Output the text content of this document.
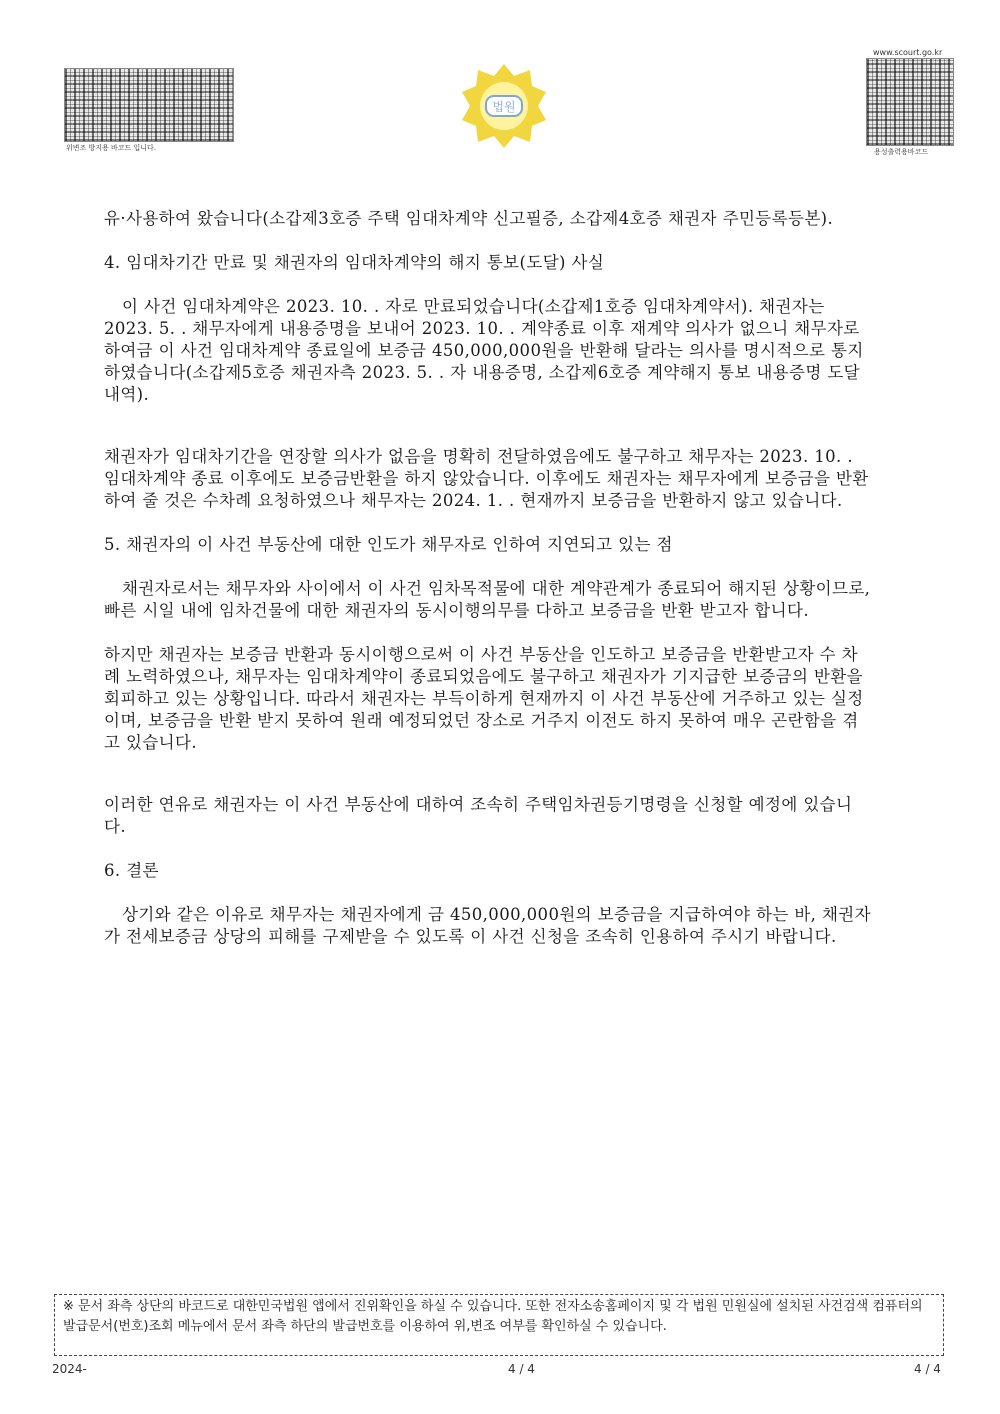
위변조 방지용 바코드 입니다.
법원
www.scourt.go.kr
용성출력용바코드

유·사용하여 왔습니다(소갑제3호증 주택 임대차계약 신고필증, 소갑제4호증 채권자 주민등록등본).

4. 임대차기간 만료 및 채권자의 임대차계약의 해지 통보(도달) 사실

이 사건 임대차계약은 2023. 10. . 자로 만료되었습니다(소갑제1호증 임대차계약서). 채권자는 2023. 5. . 채무자에게 내용증명을 보내어 2023. 10. . 계약종료 이후 재계약 의사가 없으니 채무자로 하여금 이 사건 임대차계약 종료일에 보증금 450,000,000원을 반환해 달라는 의사를 명시적으로 통지하였습니다(소갑제5호증 채권자측 2023. 5. . 자 내용증명, 소갑제6호증 계약해지 통보 내용증명 도달내역).

채권자가 임대차기간을 연장할 의사가 없음을 명확히 전달하였음에도 불구하고 채무자는 2023. 10. . 임대차계약 종료 이후에도 보증금반환을 하지 않았습니다. 이후에도 채권자는 채무자에게 보증금을 반환하여 줄 것은 수차례 요청하였으나 채무자는 2024. 1. . 현재까지 보증금을 반환하지 않고 있습니다.

5. 채권자의 이 사건 부동산에 대한 인도가 채무자로 인하여 지연되고 있는 점

채권자로서는 채무자와 사이에서 이 사건 임차목적물에 대한 계약관계가 종료되어 해지된 상황이므로, 빠른 시일 내에 임차건물에 대한 채권자의 동시이행의무를 다하고 보증금을 반환 받고자 합니다.

하지만 채권자는 보증금 반환과 동시이행으로써 이 사건 부동산을 인도하고 보증금을 반환받고자 수 차례 노력하였으나, 채무자는 임대차계약이 종료되었음에도 불구하고 채권자가 기지급한 보증금의 반환을 회피하고 있는 상황입니다. 따라서 채권자는 부득이하게 현재까지 이 사건 부동산에 거주하고 있는 실정이며, 보증금을 반환 받지 못하여 원래 예정되었던 장소로 거주지 이전도 하지 못하여 매우 곤란함을 겪고 있습니다.

이러한 연유로 채권자는 이 사건 부동산에 대하여 조속히 주택임차권등기명령을 신청할 예정에 있습니다.

6. 결론

상기와 같은 이유로 채무자는 채권자에게 금 450,000,000원의 보증금을 지급하여야 하는 바, 채권자가 전세보증금 상당의 피해를 구제받을 수 있도록 이 사건 신청을 조속히 인용하여 주시기 바랍니다.

※ 문서 좌측 상단의 바코드로 대한민국법원 앱에서 진위확인을 하실 수 있습니다. 또한 전자소송홈페이지 및 각 법원 민원실에 설치된 사건검색 컴퓨터의 발급문서(번호)조회 메뉴에서 문서 좌측 하단의 발급번호를 이용하여 위,변조 여부를 확인하실 수 있습니다.
2024-	4 / 4	4 / 4
